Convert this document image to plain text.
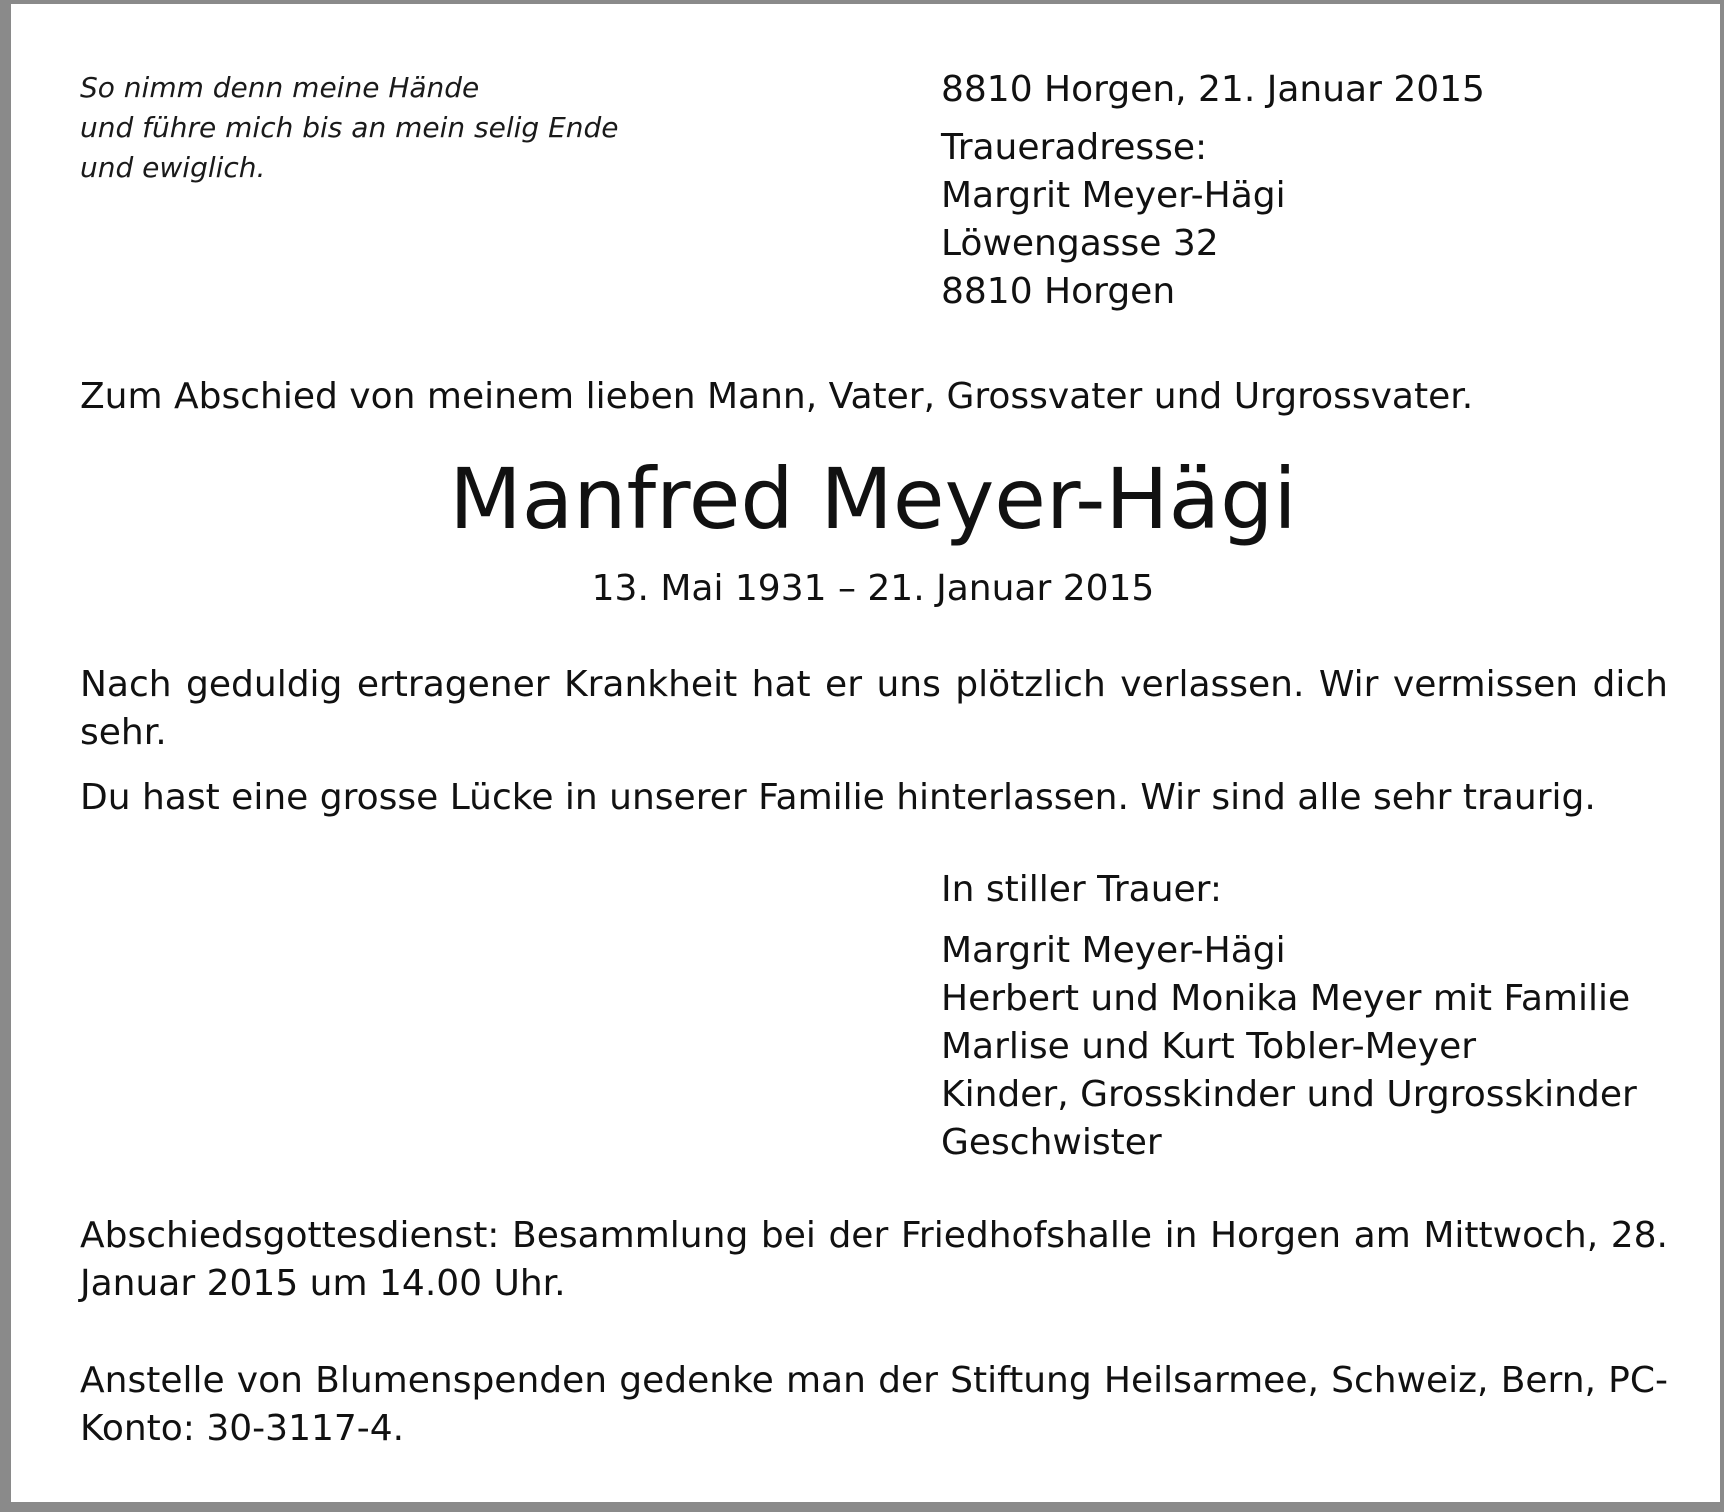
So nimm denn meine Hände
und führe mich bis an mein selig Ende
und ewiglich.
8810 Horgen, 21. Januar 2015
Traueradresse:
Margrit Meyer-Hägi
Löwengasse 32
8810 Horgen

Zum Abschied von meinem lieben Mann, Vater, Grossvater und Urgrossvater.

Manfred Meyer-Hägi

13. Mai 1931 – 21. Januar 2015

Nach geduldig ertragener Krankheit hat er uns plötzlich verlassen. Wir vermissen dich sehr.

Du hast eine grosse Lücke in unserer Familie hinterlassen. Wir sind alle sehr traurig.

In stiller Trauer:
Margrit Meyer-Hägi
Herbert und Monika Meyer mit Familie
Marlise und Kurt Tobler-Meyer
Kinder, Grosskinder und Urgrosskinder
Geschwister

Abschiedsgottesdienst: Besammlung bei der Friedhofshalle in Horgen am Mittwoch, 28. Januar 2015 um 14.00 Uhr.

Anstelle von Blumenspenden gedenke man der Stiftung Heilsarmee, Schweiz, Bern, PC-Konto: 30-3117-4.
